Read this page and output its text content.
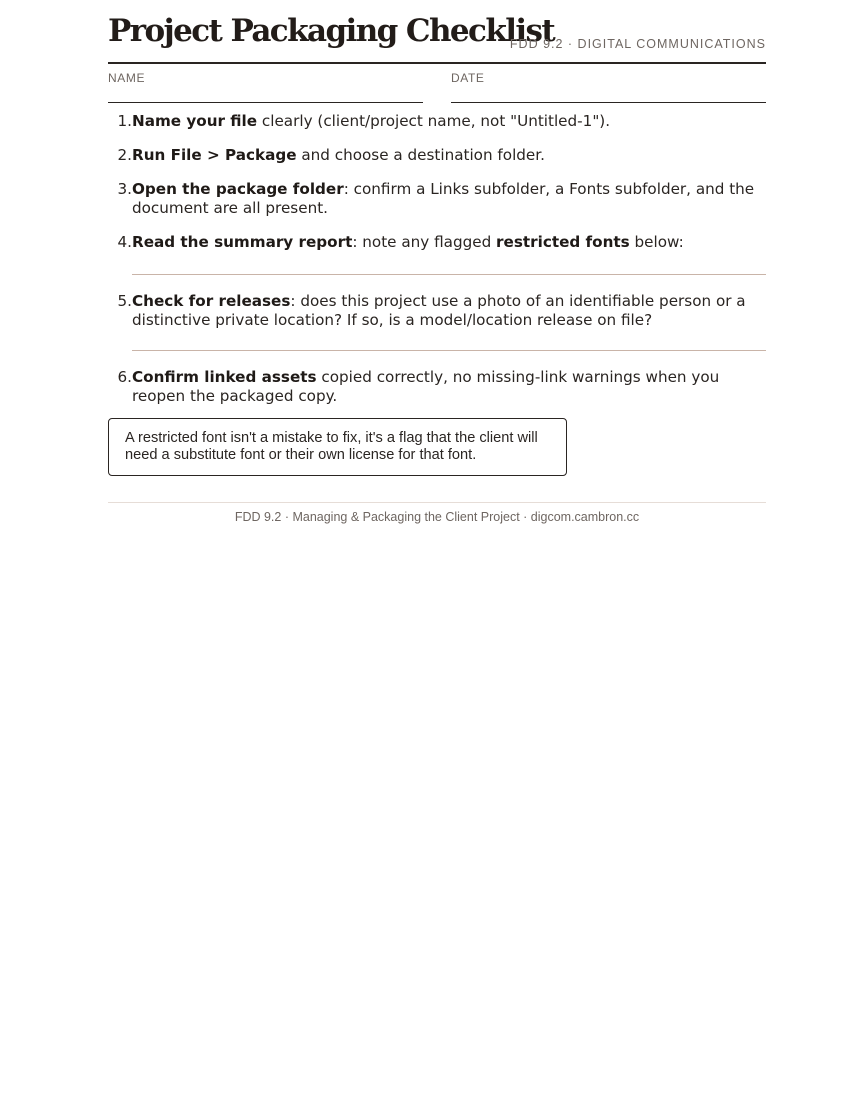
Project Packaging Checklist
FDD 9.2 · DIGITAL COMMUNICATIONS
NAME	DATE
1. Name your file clearly (client/project name, not "Untitled-1").
2. Run File > Package and choose a destination folder.
3. Open the package folder: confirm a Links subfolder, a Fonts subfolder, and the document are all present.
4. Read the summary report: note any flagged restricted fonts below:
5. Check for releases: does this project use a photo of an identifiable person or a distinctive private location? If so, is a model/location release on file?
6. Confirm linked assets copied correctly, no missing-link warnings when you reopen the packaged copy.
A restricted font isn't a mistake to fix, it's a flag that the client will need a substitute font or their own license for that font.
FDD 9.2 · Managing & Packaging the Client Project · digcom.cambron.cc
